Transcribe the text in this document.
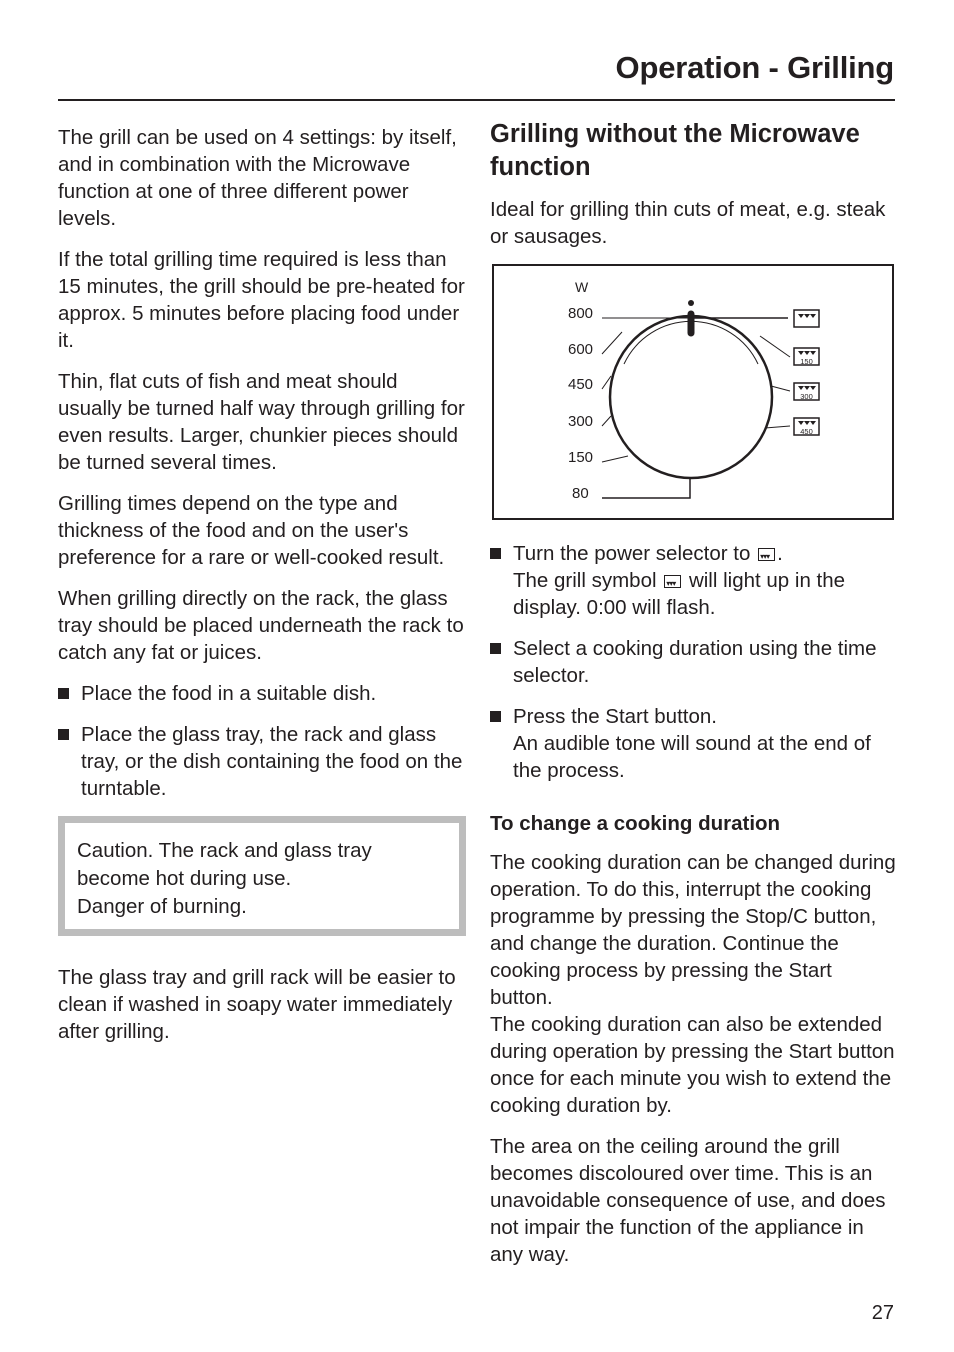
Operation - Grilling

The grill can be used on 4 settings: by itself, and in combination with the Microwave function at one of three different power levels.

If the total grilling time required is less than 15 minutes, the grill should be pre-heated for approx. 5 minutes before placing food under it.

Thin, flat cuts of fish and meat should usually be turned half way through grilling for even results. Larger, chunkier pieces should be turned several times.

Grilling times depend on the type and thickness of the food and on the user's preference for a rare or well-cooked result.

When grilling directly on the rack, the glass tray should be placed underneath the rack to catch any fat or juices.

Place the food in a suitable dish.
Place the glass tray, the rack and glass tray, or the dish containing the food on the turntable.
Caution. The rack and glass tray become hot during use.
Danger of burning.

The glass tray and grill rack will be easier to clean if washed in soapy water immediately after grilling.

Grilling without the Microwave function

Ideal for grilling thin cuts of meat, e.g. steak or sausages.

W
800
600
450
300
150
80
150
300
450
Turn the power selector to ▾▾▾.
The grill symbol ▾▾▾ will light up in the display. 0:00 will flash.
Select a cooking duration using the time selector.
Press the Start button.
An audible tone will sound at the end of the process.
To change a cooking duration

The cooking duration can be changed during operation. To do this, interrupt the cooking programme by pressing the Stop/C button, and change the duration. Continue the cooking process by pressing the Start button.
The cooking duration can also be extended during operation by pressing the Start button once for each minute you wish to extend the cooking duration by.

The area on the ceiling around the grill becomes discoloured over time. This is an unavoidable consequence of use, and does not impair the function of the appliance in any way.

27
